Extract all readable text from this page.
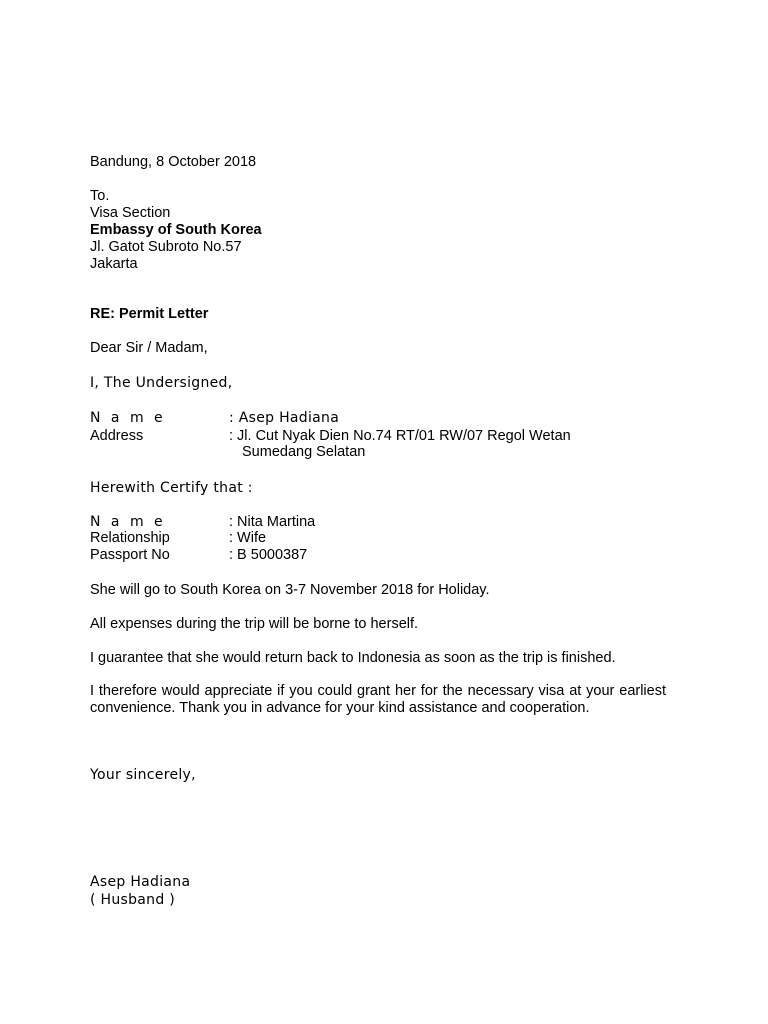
Bandung, 8 October 2018

To.

Visa Section

Embassy of South Korea

Jl. Gatot Subroto No.57

Jakarta

RE: Permit Letter

Dear Sir / Madam,

I, The Undersigned,

N a m e	: Asep Hadiana

Address	: Jl. Cut Nyak Dien No.74 RT/01 RW/07 Regol Wetan

Sumedang Selatan

Herewith Certify that :

N a m e	: Nita Martina

Relationship	: Wife

Passport No	: B 5000387

She will go to South Korea on 3-7 November 2018 for Holiday.

All expenses during the trip will be borne to herself.

I guarantee that she would return back to Indonesia as soon as the trip is finished.

I therefore would appreciate if you could grant her for the necessary visa at your earliest convenience. Thank you in advance for your kind assistance and cooperation.

Your sincerely,

Asep Hadiana

( Husband )
